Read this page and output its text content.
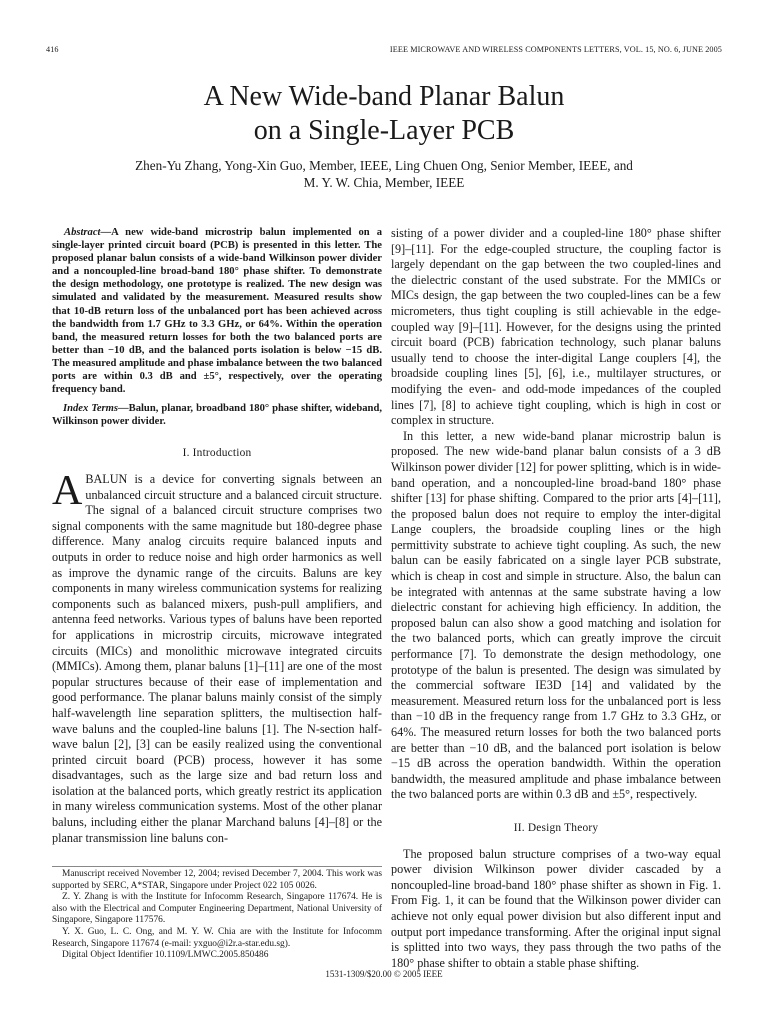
416	IEEE MICROWAVE AND WIRELESS COMPONENTS LETTERS, VOL. 15, NO. 6, JUNE 2005
A New Wide-band Planar Balun
on a Single-Layer PCB
Zhen-Yu Zhang, Yong-Xin Guo, Member, IEEE, Ling Chuen Ong, Senior Member, IEEE, and
M. Y. W. Chia, Member, IEEE

Abstract—A new wide-band microstrip balun implemented on a single-layer printed circuit board (PCB) is presented in this letter. The proposed planar balun consists of a wide-band Wilkinson power divider and a noncoupled-line broad-band 180° phase shifter. To demonstrate the design methodology, one prototype is realized. The new design was simulated and validated by the measurement. Measured results show that 10-dB return loss of the unbalanced port has been achieved across the bandwidth from 1.7 GHz to 3.3 GHz, or 64%. Within the operation band, the measured return losses for both the two balanced ports are better than −10 dB, and the balanced ports isolation is below −15 dB. The measured amplitude and phase imbalance between the two balanced ports are within 0.3 dB and ±5°, respectively, over the operating frequency band.

Index Terms—Balun, planar, broadband 180° phase shifter, wideband, Wilkinson power divider.

I. Introduction

A BALUN is a device for converting signals between an unbalanced circuit structure and a balanced circuit structure. The signal of a balanced circuit structure comprises two signal components with the same magnitude but 180-degree phase difference. Many analog circuits require balanced inputs and outputs in order to reduce noise and high order harmonics as well as improve the dynamic range of the circuits. Baluns are key components in many wireless communication systems for realizing components such as balanced mixers, push-pull amplifiers, and antenna feed networks. Various types of baluns have been reported for applications in microstrip circuits, microwave integrated circuits (MICs) and monolithic microwave integrated circuits (MMICs). Among them, planar baluns [1]–[11] are one of the most popular structures because of their ease of implementation and good performance. The planar baluns mainly consist of the simply half-wavelength line separation splitters, the multisection half-wave baluns and the coupled-line baluns [1]. The N-section half-wave balun [2], [3] can be easily realized using the conventional printed circuit board (PCB) process, however it has some disadvantages, such as the large size and bad return loss and isolation at the balanced ports, which greatly restrict its application in many wireless communication systems. Most of the other planar baluns, including either the planar Marchand baluns [4]–[8] or the planar transmission line baluns con-

sisting of a power divider and a coupled-line 180° phase shifter [9]–[11]. For the edge-coupled structure, the coupling factor is largely dependant on the gap between the two coupled-lines and the dielectric constant of the used substrate. For the MMICs or MICs design, the gap between the two coupled-lines can be a few micrometers, thus tight coupling is still achievable in the edge-coupled way [9]–[11]. However, for the designs using the printed circuit board (PCB) fabrication technology, such planar baluns usually tend to choose the inter-digital Lange couplers [4], the broadside coupling lines [5], [6], i.e., multilayer structures, or modifying the even- and odd-mode impedances of the coupled lines [7], [8] to achieve tight coupling, which is high in cost or complex in structure.

In this letter, a new wide-band planar microstrip balun is proposed. The new wide-band planar balun consists of a 3 dB Wilkinson power divider [12] for power splitting, which is in wide-band operation, and a noncoupled-line broad-band 180° phase shifter [13] for phase shifting. Compared to the prior arts [4]–[11], the proposed balun does not require to employ the inter-digital Lange couplers, the broadside coupling lines or the high permittivity substrate to achieve tight coupling. As such, the new balun can be easily fabricated on a single layer PCB substrate, which is cheap in cost and simple in structure. Also, the balun can be integrated with antennas at the same substrate having a low dielectric constant for achieving high efficiency. In addition, the proposed balun can also show a good matching and isolation for the two balanced ports, which can greatly improve the circuit performance [7]. To demonstrate the design methodology, one prototype of the balun is presented. The design was simulated by the commercial software IE3D [14] and validated by the measurement. Measured return loss for the unbalanced port is less than −10 dB in the frequency range from 1.7 GHz to 3.3 GHz, or 64%. The measured return losses for both the two balanced ports are better than −10 dB, and the balanced port isolation is below −15 dB across the operation bandwidth. Within the operation bandwidth, the measured amplitude and phase imbalance between the two balanced ports are within 0.3 dB and ±5°, respectively.

II. Design Theory

The proposed balun structure comprises of a two-way equal power division Wilkinson power divider cascaded by a noncoupled-line broad-band 180° phase shifter as shown in Fig. 1. From Fig. 1, it can be found that the Wilkinson power divider can achieve not only equal power division but also different input and output port impedance transforming. After the original input signal is splitted into two ways, they pass through the two paths of the 180° phase shifter to obtain a stable phase shifting.

Manuscript received November 12, 2004; revised December 7, 2004. This work was supported by SERC, A*STAR, Singapore under Project 022 105 0026.

Z. Y. Zhang is with the Institute for Infocomm Research, Singapore 117674. He is also with the Electrical and Computer Engineering Department, National University of Singapore, Singapore 117576.

Y. X. Guo, L. C. Ong, and M. Y. W. Chia are with the Institute for Infocomm Research, Singapore 117674 (e-mail: yxguo@i2r.a-star.edu.sg).

Digital Object Identifier 10.1109/LMWC.2005.850486

1531-1309/$20.00 © 2005 IEEE
